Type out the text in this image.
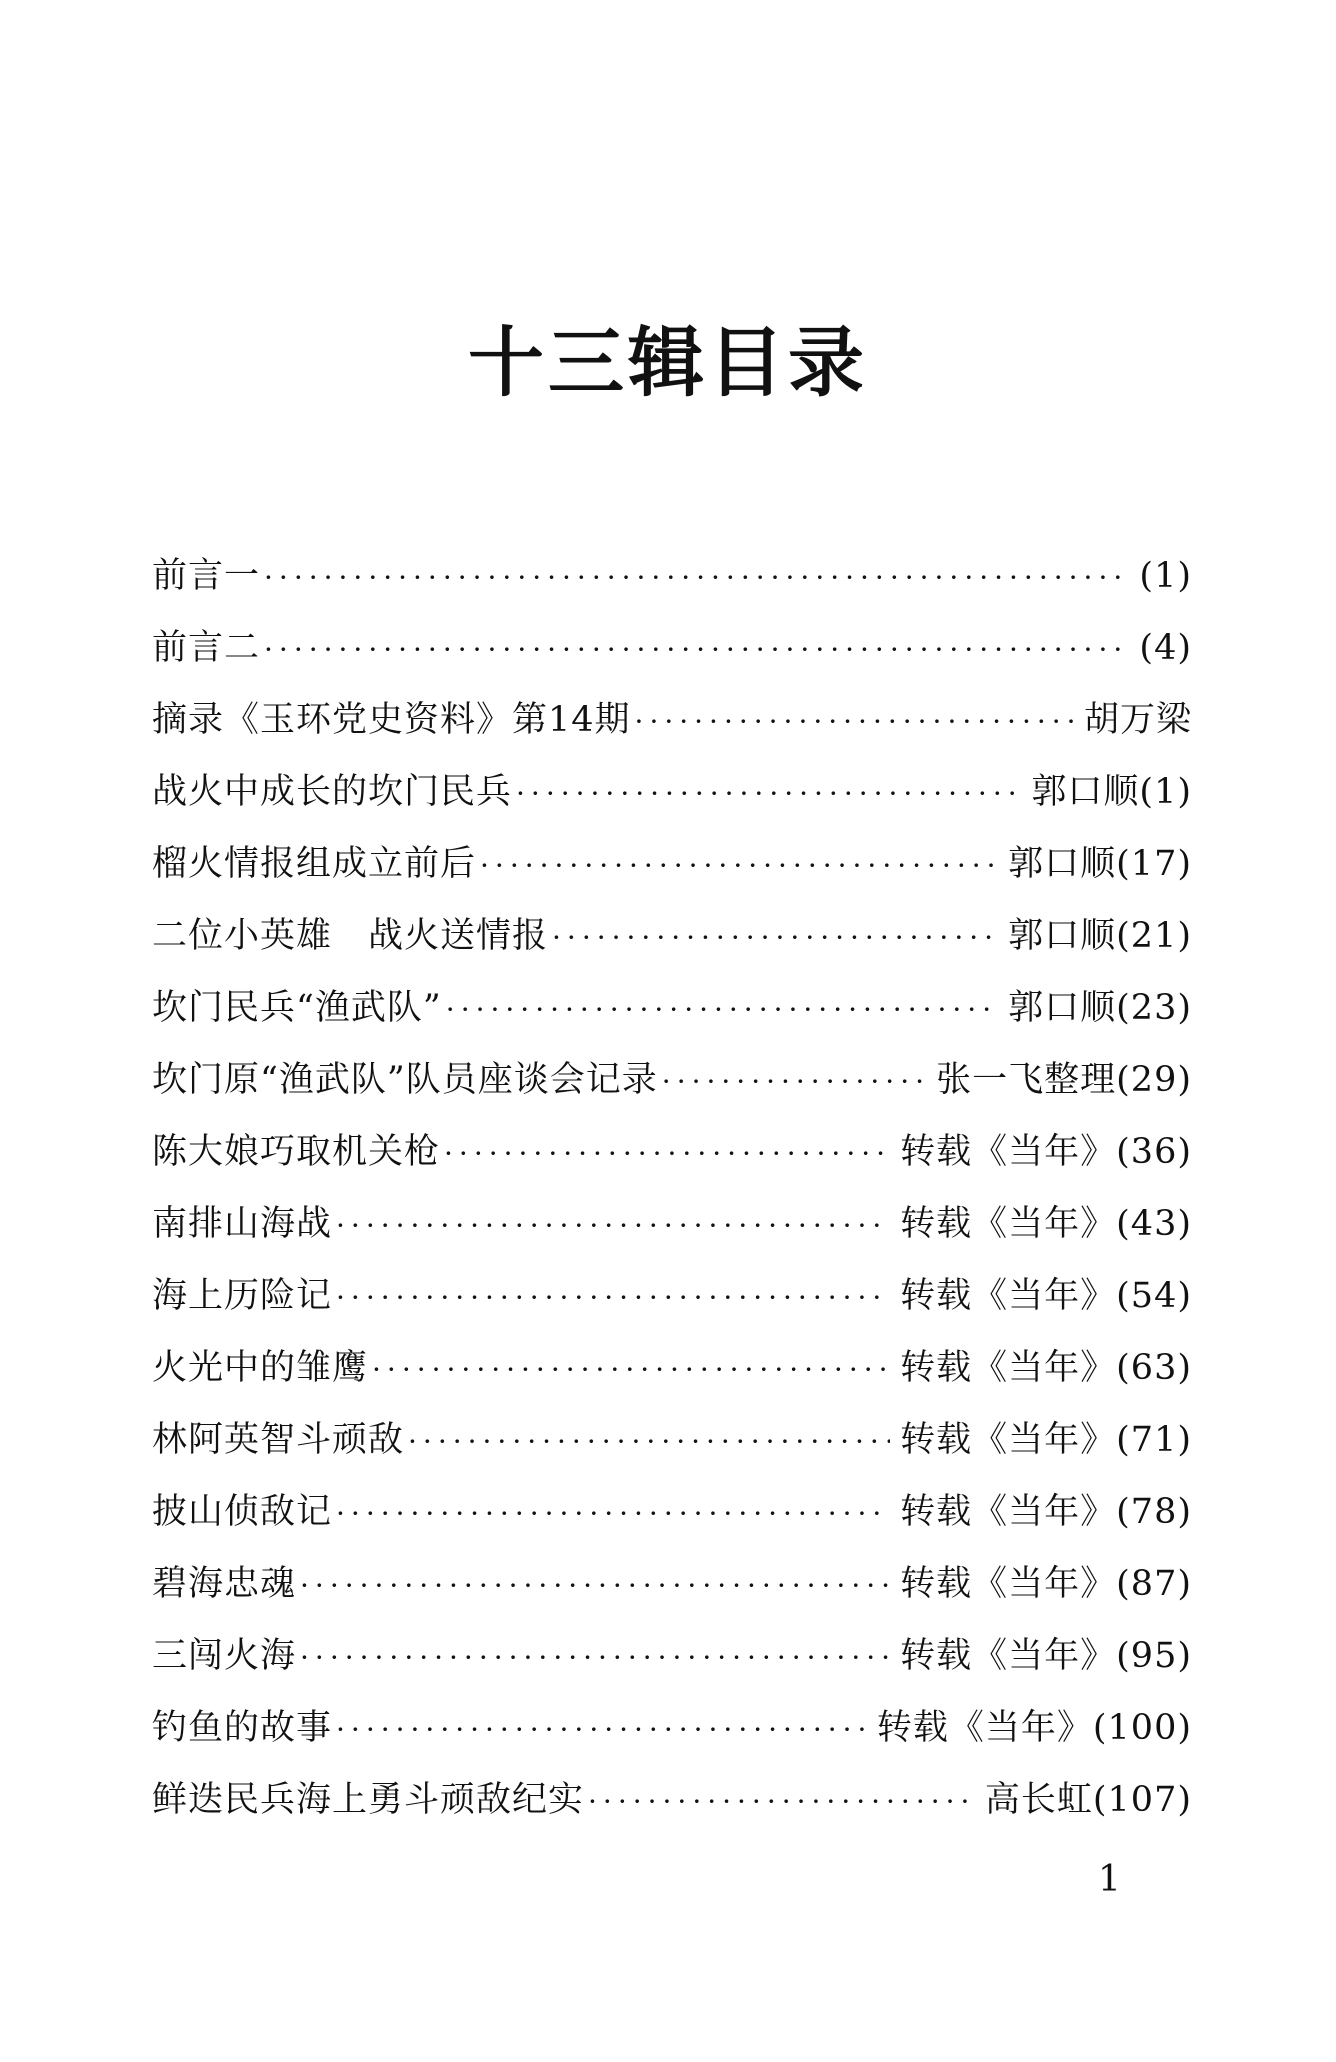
十三辑目录
前言一 ·····	(1)
前言二 ·····	(4)
摘录《玉环党史资料》第14期 ·····	胡万梁
战火中成长的坎门民兵 ·····	郭口顺(1)
榴火情报组成立前后 ·····	郭口顺(17)
二位小英雄　战火送情报 ·····	郭口顺(21)
坎门民兵“渔武队” ·····	郭口顺(23)
坎门原“渔武队”队员座谈会记录 ·····	张一飞整理(29)
陈大娘巧取机关枪 ·····	转载《当年》(36)
南排山海战 ·····	转载《当年》(43)
海上历险记 ·····	转载《当年》(54)
火光中的雏鹰 ·····	转载《当年》(63)
林阿英智斗顽敌 ·····	转载《当年》(71)
披山侦敌记 ·····	转载《当年》(78)
碧海忠魂 ·····	转载《当年》(87)
三闯火海 ·····	转载《当年》(95)
钓鱼的故事 ·····	转载《当年》(100)
鲜迭民兵海上勇斗顽敌纪实 ·····	高长虹(107)
1
